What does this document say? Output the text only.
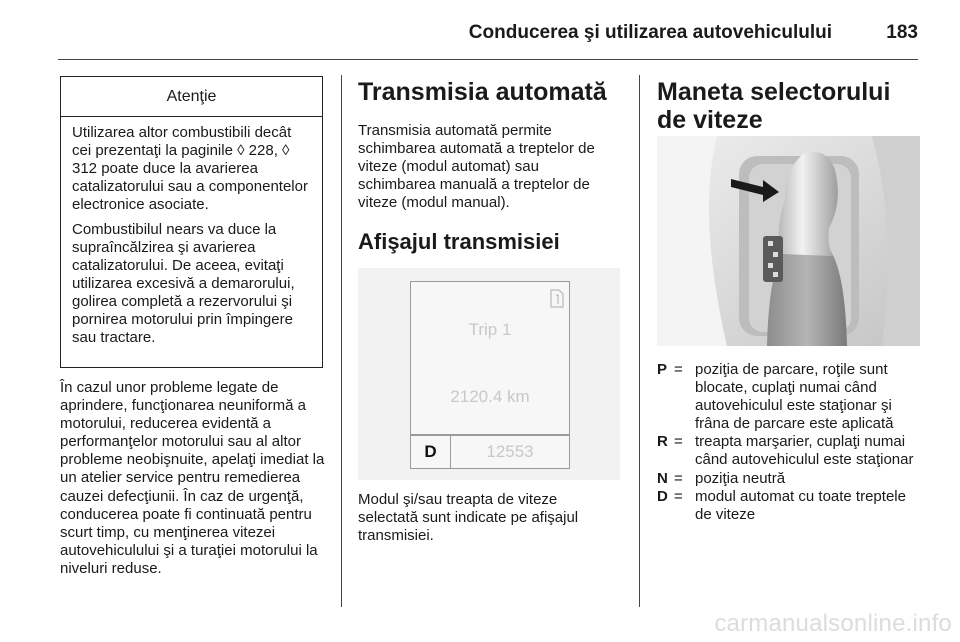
Conducerea şi utilizarea autovehiculului	183
Atenţie

Utilizarea altor combustibili decât cei prezentaţi la paginile ◊ 228, ◊ 312 poate duce la avarierea catalizatorului sau a componentelor electronice asociate.

Combustibilul nears va duce la supraîncălzirea şi avarierea catalizatorului. De aceea, evitaţi utilizarea excesivă a demarorului, golirea completă a rezervorului şi pornirea motorului prin împingere sau tractare.

În cazul unor probleme legate de aprindere, funcţionarea neuniformă a motorului, reducerea evidentă a performanţelor motorului sau al altor probleme neobişnuite, apelaţi imediat la un atelier service pentru remedierea cauzei defecţiunii. În caz de urgenţă, conducerea poate fi continuată pentru scurt timp, cu menţinerea vitezei autovehiculului şi a turaţiei motorului la niveluri reduse.
Transmisia automată
Transmisia automată permite schimbarea automată a treptelor de viteze (modul automat) sau schimbarea manuală a treptelor de viteze (modul manual).
Afişajul transmisiei
Trip 1
2120.4 km
D	12553
Modul şi/sau treapta de viteze selectată sunt indicate pe afişajul transmisiei.
Maneta selectorului de viteze
P = poziţia de parcare, roţile sunt blocate, cuplaţi numai când autovehiculul este staţionar şi frâna de parcare este aplicată
R = treapta marşarier, cuplaţi numai când autovehiculul este staţionar
N = poziţia neutră
D = modul automat cu toate treptele de viteze
carmanualsonline.info
